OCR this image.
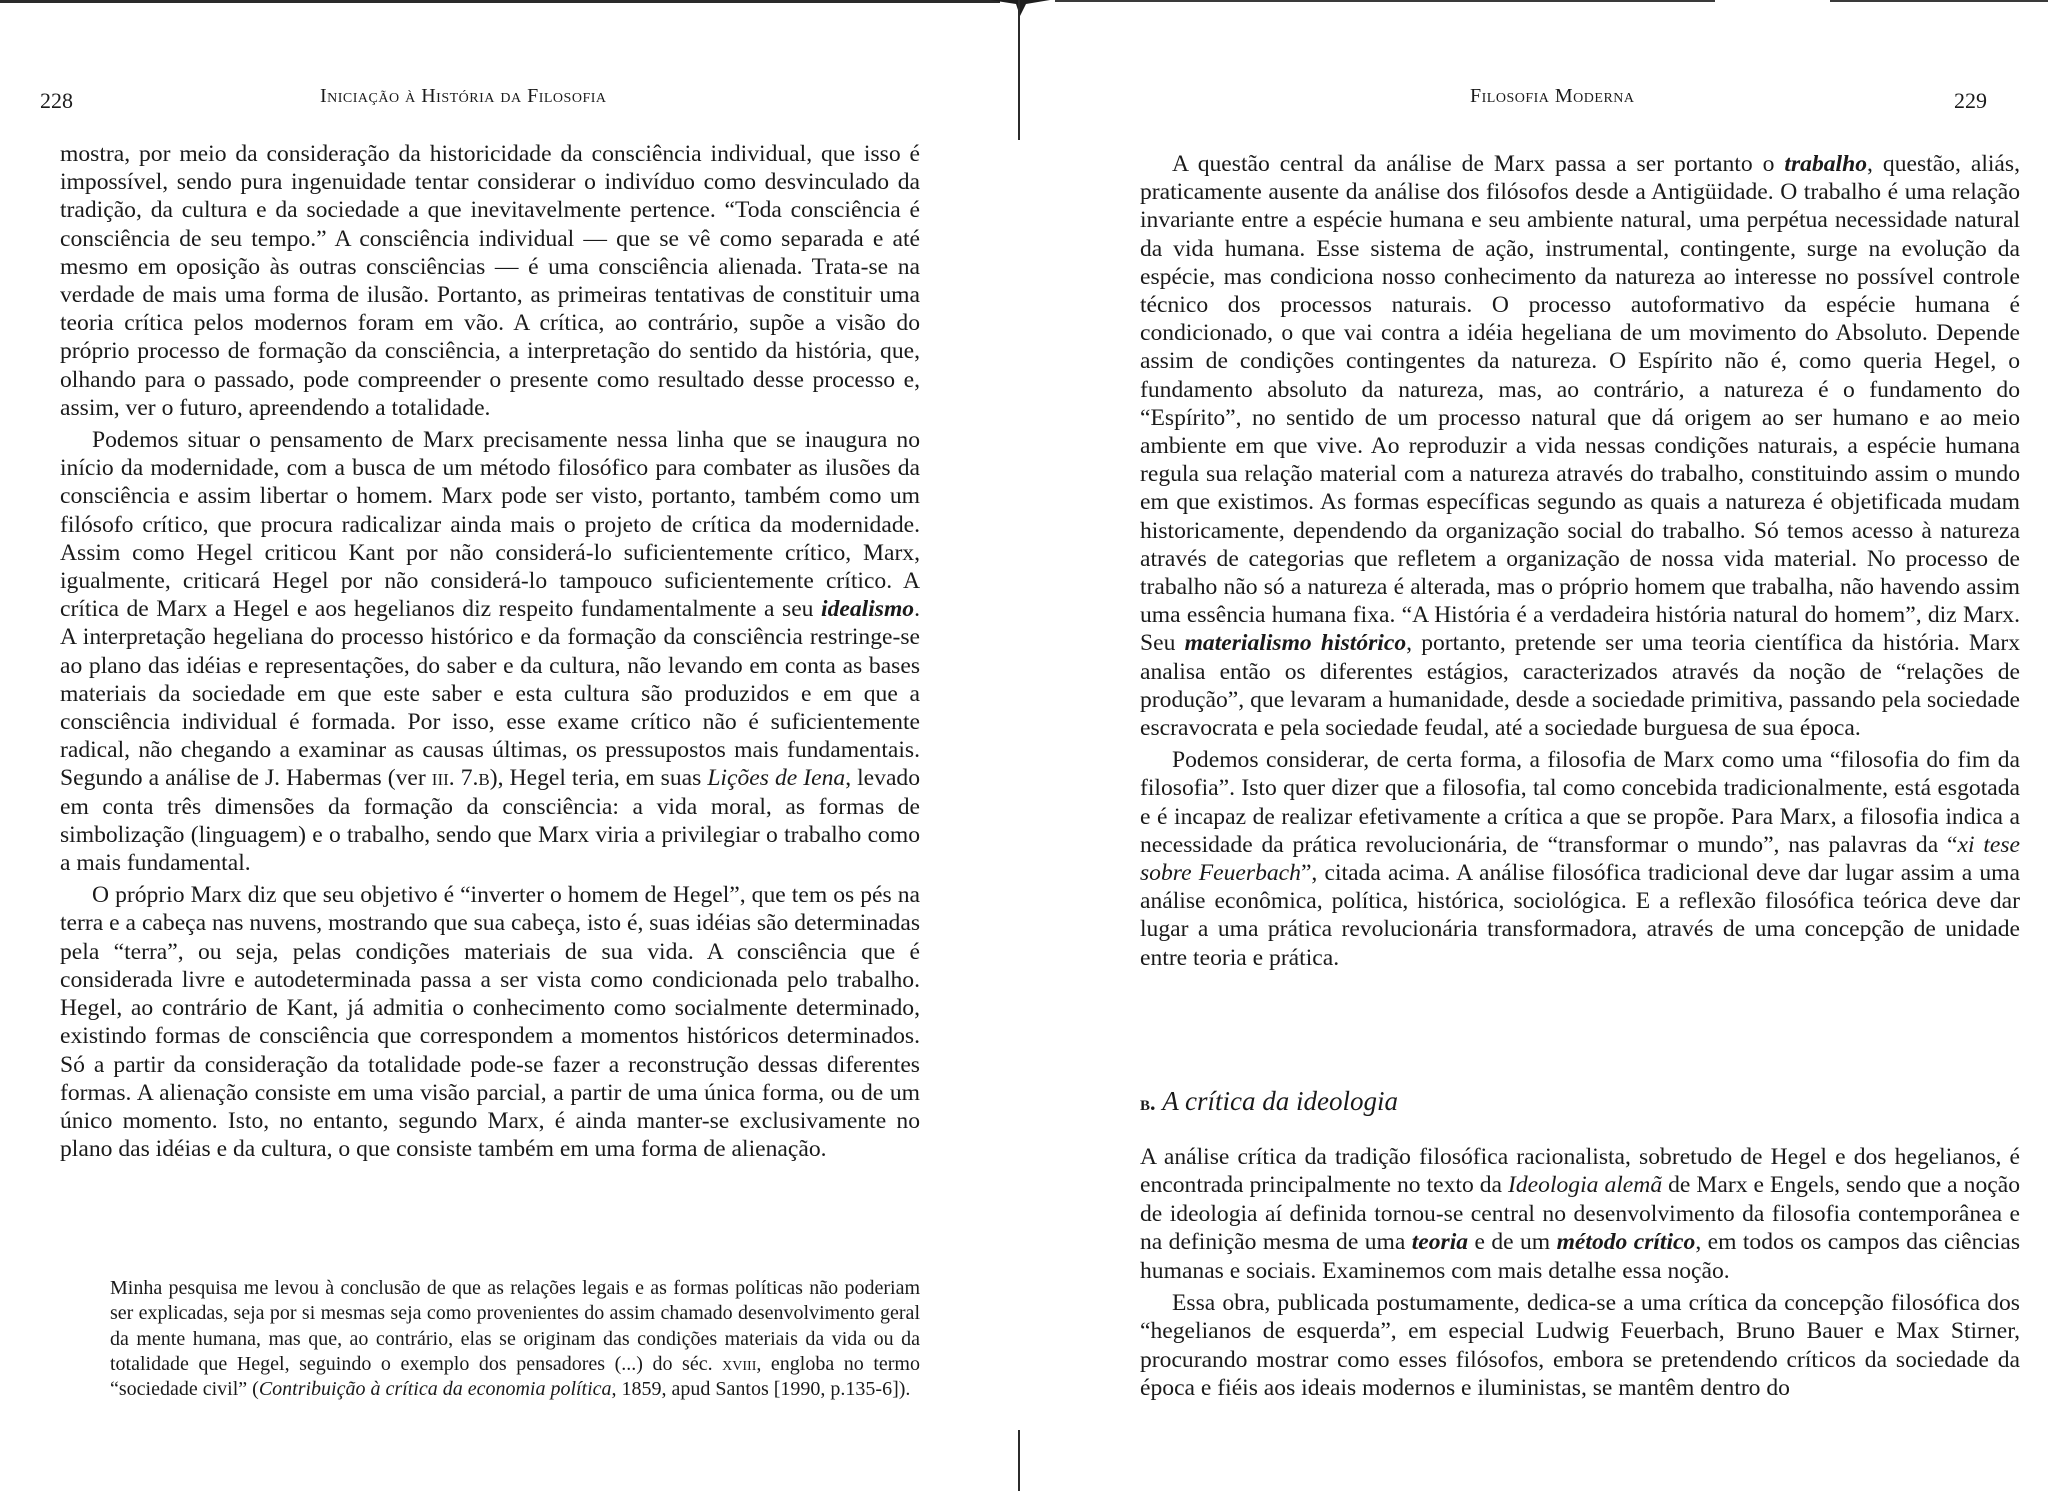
228	Iniciação à História da Filosofia

mostra, por meio da consideração da historicidade da consciência individual, que isso é impossível, sendo pura ingenuidade tentar considerar o indivíduo como desvinculado da tradição, da cultura e da sociedade a que inevitavelmente pertence. “Toda consciência é consciência de seu tempo.” A consciência individual — que se vê como separada e até mesmo em oposição às outras consciências — é uma consciência alienada. Trata-se na verdade de mais uma forma de ilusão. Portanto, as primeiras tentativas de constituir uma teoria crítica pelos modernos foram em vão. A crítica, ao contrário, supõe a visão do próprio processo de formação da consciência, a interpretação do sentido da história, que, olhando para o passado, pode compreender o presente como resultado desse processo e, assim, ver o futuro, apreendendo a totalidade.

Podemos situar o pensamento de Marx precisamente nessa linha que se inaugura no início da modernidade, com a busca de um método filosófico para combater as ilusões da consciência e assim libertar o homem. Marx pode ser visto, portanto, também como um filósofo crítico, que procura radicalizar ainda mais o projeto de crítica da modernidade. Assim como Hegel criticou Kant por não considerá-lo suficientemente crítico, Marx, igualmente, criticará Hegel por não considerá-lo tampouco suficientemente crítico. A crítica de Marx a Hegel e aos hegelianos diz respeito fundamentalmente a seu idealismo. A interpretação hegeliana do processo histórico e da formação da consciência restringe-se ao plano das idéias e representações, do saber e da cultura, não levando em conta as bases materiais da sociedade em que este saber e esta cultura são produzidos e em que a consciência individual é formada. Por isso, esse exame crítico não é suficientemente radical, não chegando a examinar as causas últimas, os pressupostos mais fundamentais. Segundo a análise de J. Habermas (ver iii. 7.b), Hegel teria, em suas Lições de Iena, levado em conta três dimensões da formação da consciência: a vida moral, as formas de simbolização (linguagem) e o trabalho, sendo que Marx viria a privilegiar o trabalho como a mais fundamental.

O próprio Marx diz que seu objetivo é “inverter o homem de Hegel”, que tem os pés na terra e a cabeça nas nuvens, mostrando que sua cabeça, isto é, suas idéias são determinadas pela “terra”, ou seja, pelas condições materiais de sua vida. A consciência que é considerada livre e autodeterminada passa a ser vista como condicionada pelo trabalho. Hegel, ao contrário de Kant, já admitia o conhecimento como socialmente determinado, existindo formas de consciência que correspondem a momentos históricos determinados. Só a partir da consideração da totalidade pode-se fazer a reconstrução dessas diferentes formas. A alienação consiste em uma visão parcial, a partir de uma única forma, ou de um único momento. Isto, no entanto, segundo Marx, é ainda manter-se exclusivamente no plano das idéias e da cultura, o que consiste também em uma forma de alienação.

Minha pesquisa me levou à conclusão de que as relações legais e as formas políticas não poderiam ser explicadas, seja por si mesmas seja como provenientes do assim chamado desenvolvimento geral da mente humana, mas que, ao contrário, elas se originam das condições materiais da vida ou da totalidade que Hegel, seguindo o exemplo dos pensadores (...) do séc. xviii, engloba no termo “sociedade civil” (Contribuição à crítica da economia política, 1859, apud Santos [1990, p.135-6]).
Filosofia Moderna	229

A questão central da análise de Marx passa a ser portanto o trabalho, questão, aliás, praticamente ausente da análise dos filósofos desde a Antigüidade. O trabalho é uma relação invariante entre a espécie humana e seu ambiente natural, uma perpétua necessidade natural da vida humana. Esse sistema de ação, instrumental, contingente, surge na evolução da espécie, mas condiciona nosso conhecimento da natureza ao interesse no possível controle técnico dos processos naturais. O processo autoformativo da espécie humana é condicionado, o que vai contra a idéia hegeliana de um movimento do Absoluto. Depende assim de condições contingentes da natureza. O Espírito não é, como queria Hegel, o fundamento absoluto da natureza, mas, ao contrário, a natureza é o fundamento do “Espírito”, no sentido de um processo natural que dá origem ao ser humano e ao meio ambiente em que vive. Ao reproduzir a vida nessas condições naturais, a espécie humana regula sua relação material com a natureza através do trabalho, constituindo assim o mundo em que existimos. As formas específicas segundo as quais a natureza é objetificada mudam historicamente, dependendo da organização social do trabalho. Só temos acesso à natureza através de categorias que refletem a organização de nossa vida material. No processo de trabalho não só a natureza é alterada, mas o próprio homem que trabalha, não havendo assim uma essência humana fixa. “A História é a verdadeira história natural do homem”, diz Marx. Seu materialismo histórico, portanto, pretende ser uma teoria científica da história. Marx analisa então os diferentes estágios, caracterizados através da noção de “relações de produção”, que levaram a humanidade, desde a sociedade primitiva, passando pela sociedade escravocrata e pela sociedade feudal, até a sociedade burguesa de sua época.

Podemos considerar, de certa forma, a filosofia de Marx como uma “filosofia do fim da filosofia”. Isto quer dizer que a filosofia, tal como concebida tradicionalmente, está esgotada e é incapaz de realizar efetivamente a crítica a que se propõe. Para Marx, a filosofia indica a necessidade da prática revolucionária, de “transformar o mundo”, nas palavras da “xi tese sobre Feuerbach”, citada acima. A análise filosófica tradicional deve dar lugar assim a uma análise econômica, política, histórica, sociológica. E a reflexão filosófica teórica deve dar lugar a uma prática revolucionária transformadora, através de uma concepção de unidade entre teoria e prática.

b. A crítica da ideologia

A análise crítica da tradição filosófica racionalista, sobretudo de Hegel e dos hegelianos, é encontrada principalmente no texto da Ideologia alemã de Marx e Engels, sendo que a noção de ideologia aí definida tornou-se central no desenvolvimento da filosofia contemporânea e na definição mesma de uma teoria e de um método crítico, em todos os campos das ciências humanas e sociais. Examinemos com mais detalhe essa noção.

Essa obra, publicada postumamente, dedica-se a uma crítica da concepção filosófica dos “hegelianos de esquerda”, em especial Ludwig Feuerbach, Bruno Bauer e Max Stirner, procurando mostrar como esses filósofos, embora se pretendendo críticos da sociedade da época e fiéis aos ideais modernos e iluministas, se mantêm dentro do
